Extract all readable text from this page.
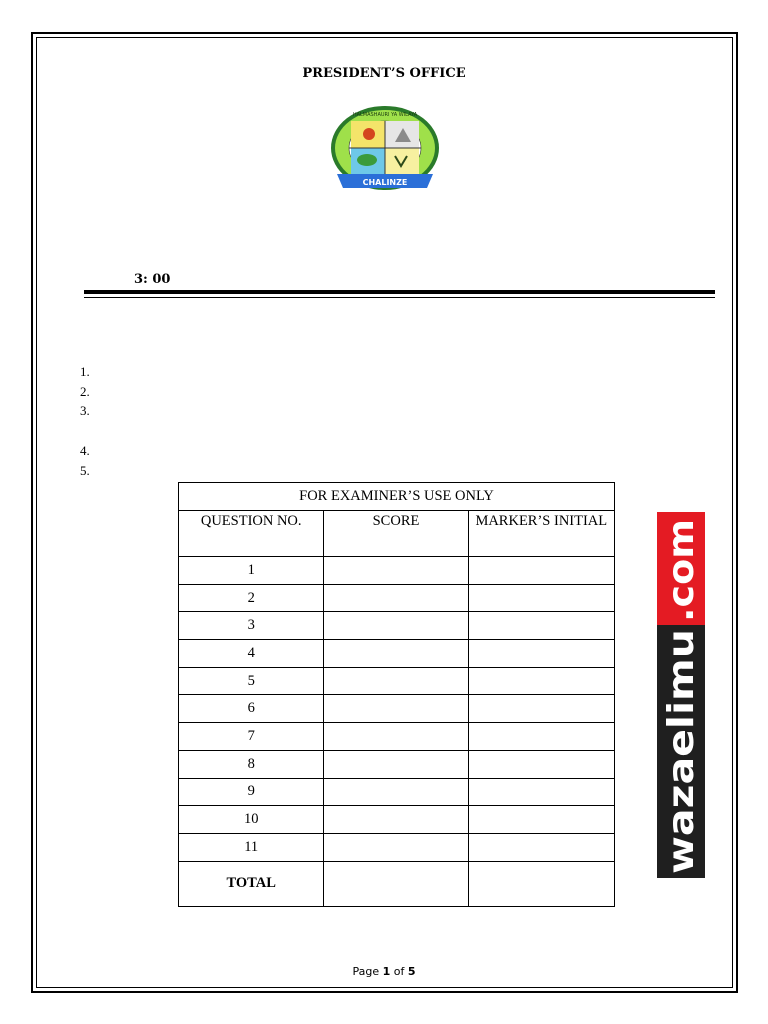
PRESIDENT’S OFFICE
CHALINZE
HALMASHAURI YA WILAYA
3: 00
1.
2.
3.
4.
5.
FOR EXAMINER’S USE ONLY		
QUESTION NO.	SCORE	MARKER’S INITIAL
1		
2		
3		
4		
5		
6		
7		
8		
9		
10		
11		
TOTAL		
wazaelimu
.com
Page 1 of 5
